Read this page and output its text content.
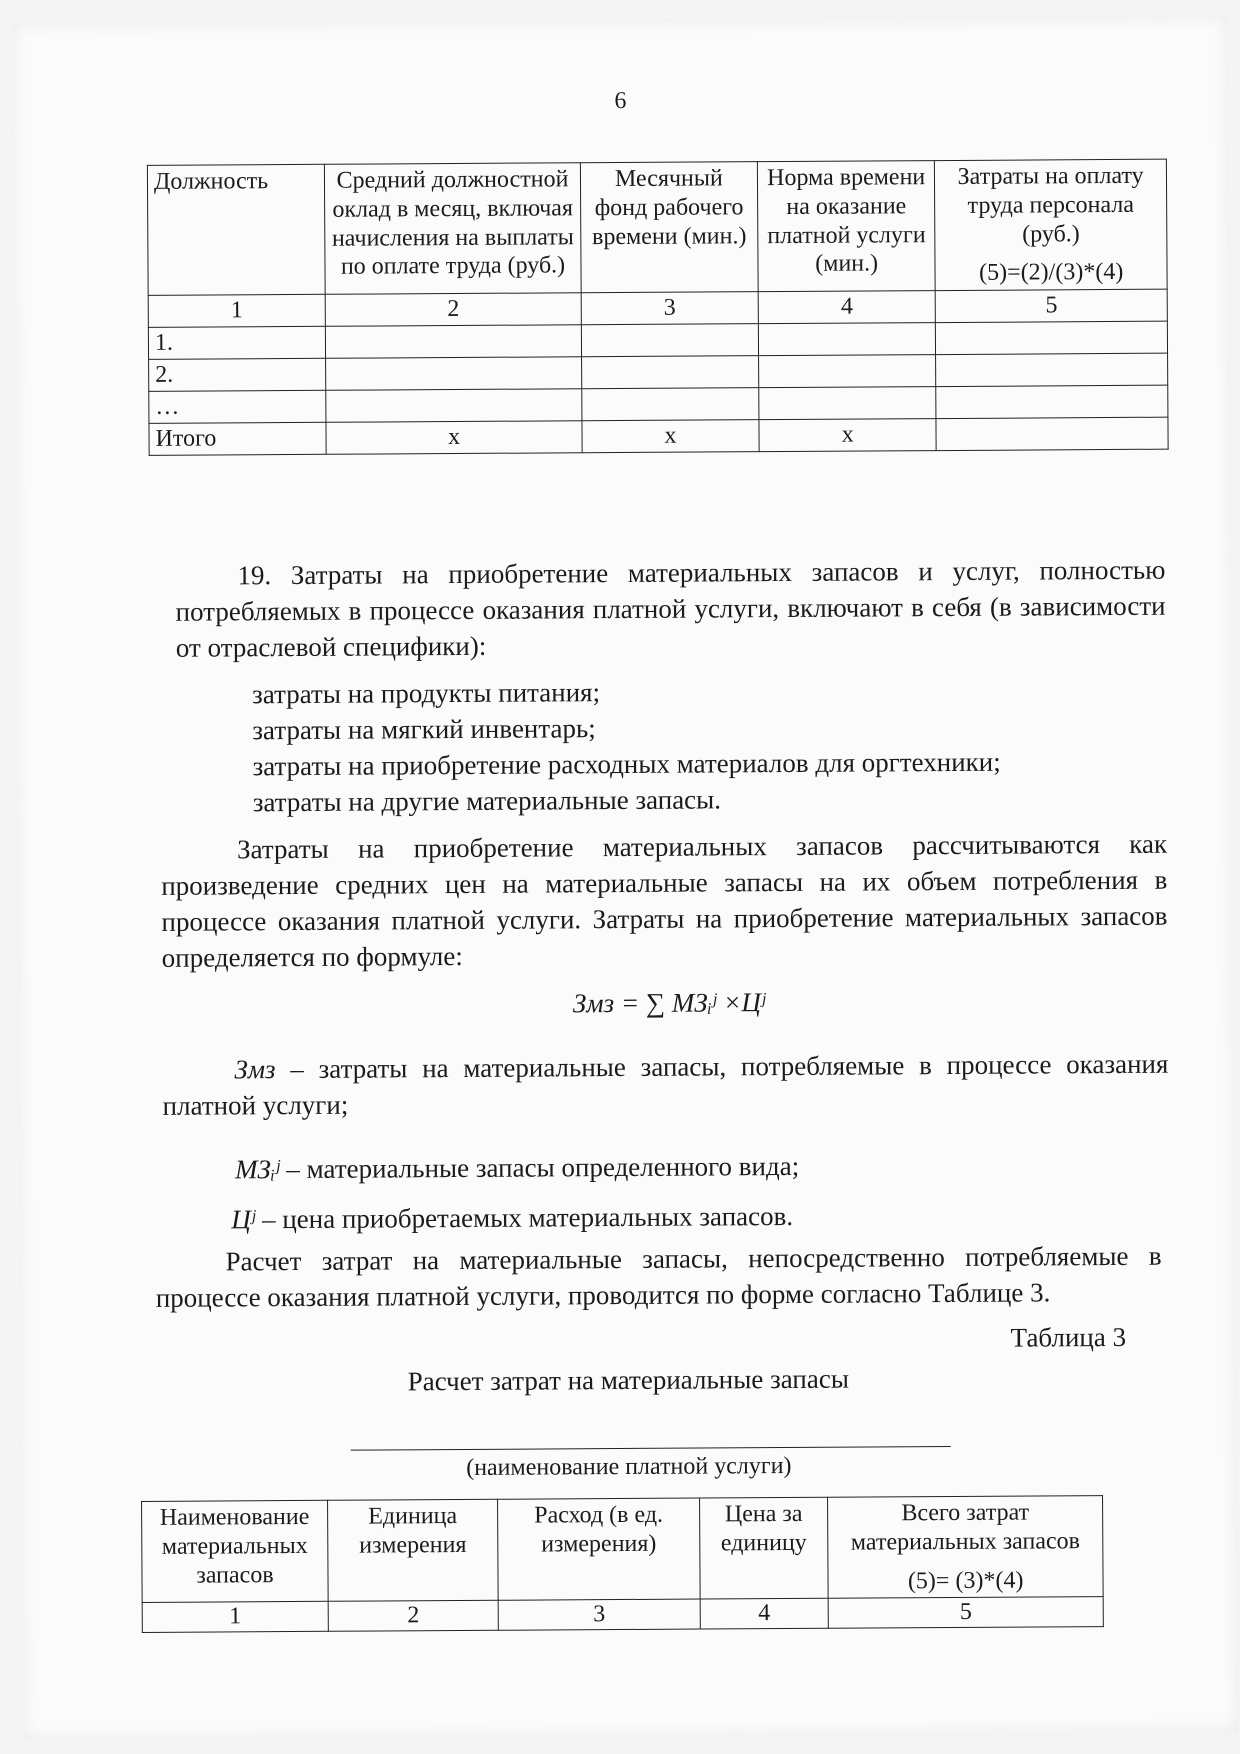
6
Должность	Средний должностной оклад в месяц, включая начисления на выплаты по оплате труда (руб.)	Месячный фонд рабочего времени (мин.)	Норма времени на оказание платной услуги (мин.)	Затраты на оплату труда персонала (руб.)
(5)=(2)/(3)*(4)

1	2	3	4	5
1.				
2.				
…				
Итого	x	x	x	
19. Затраты на приобретение материальных запасов и услуг, полностью потребляемых в процессе оказания платной услуги, включают в себя (в зависимости от отраслевой специфики):
затраты на продукты питания;
затраты на мягкий инвентарь;
затраты на приобретение расходных материалов для оргтехники;
затраты на другие материальные запасы.
Затраты на приобретение материальных запасов рассчитываются как произведение средних цен на материальные запасы на их объем потребления в процессе оказания платной услуги. Затраты на приобретение материальных запасов определяется по формуле:
Змз = ∑ МЗᵢʲ ×Цʲ
Змз – затраты на материальные запасы, потребляемые в процессе оказания платной услуги;
МЗᵢʲ – материальные запасы определенного вида;
Цʲ – цена приобретаемых материальных запасов.
Расчет затрат на материальные запасы, непосредственно потребляемые в процессе оказания платной услуги, проводится по форме согласно Таблице 3.
Таблица 3
Расчет затрат на материальные запасы
(наименование платной услуги)
Наименование материальных запасов	Единица измерения	Расход (в ед. измерения)	Цена за единицу	Всего затрат материальных запасов
(5)= (3)*(4)

1	2	3	4	5
